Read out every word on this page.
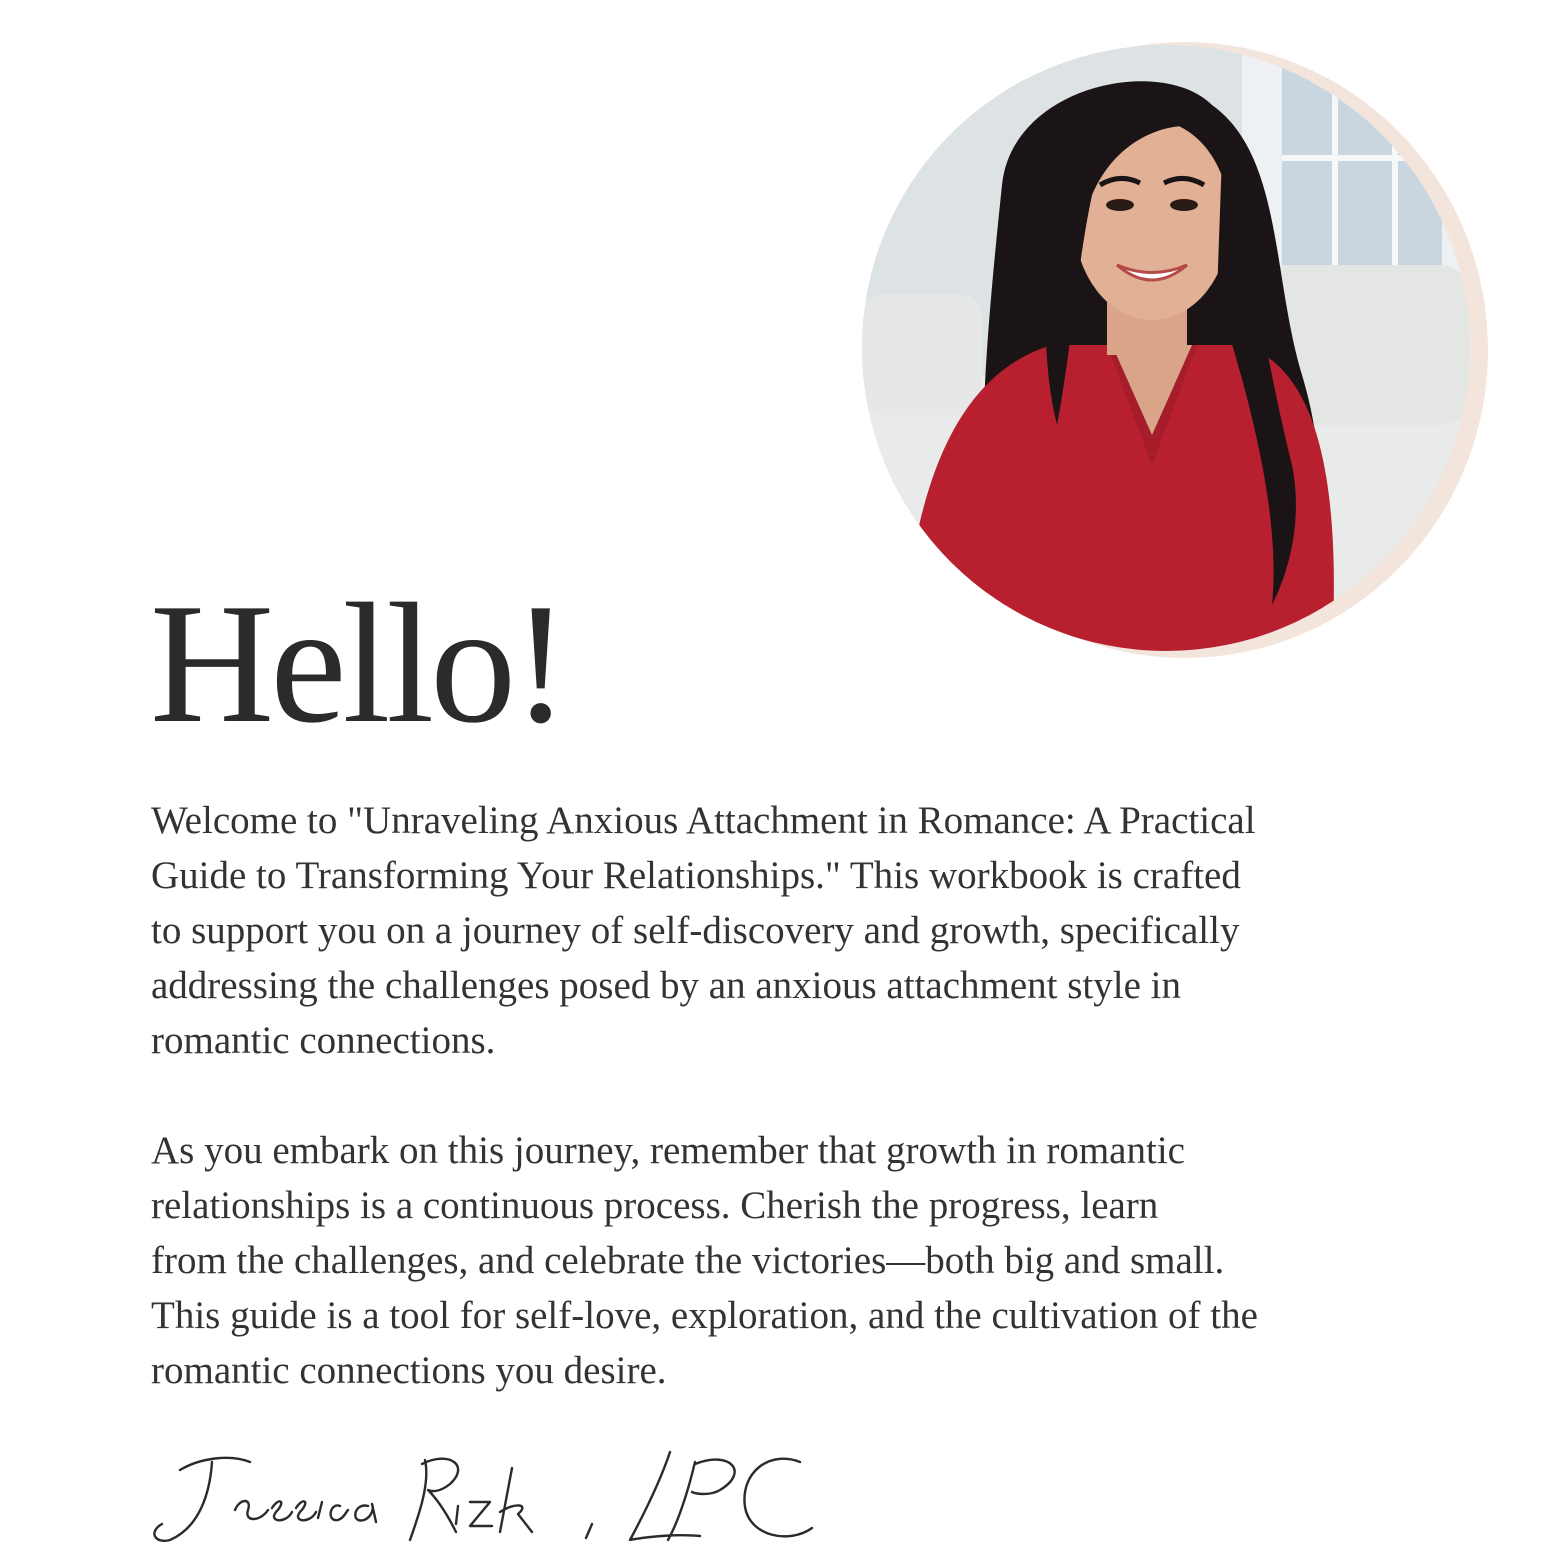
Hello!

Welcome to "Unraveling Anxious Attachment in Romance: A Practical
Guide to Transforming Your Relationships." This workbook is crafted
to support you on a journey of self-discovery and growth, specifically
addressing the challenges posed by an anxious attachment style in
romantic connections.

As you embark on this journey, remember that growth in romantic
relationships is a continuous process. Cherish the progress, learn
from the challenges, and celebrate the victories—both big and small.
This guide is a tool for self-love, exploration, and the cultivation of the
romantic connections you desire.
